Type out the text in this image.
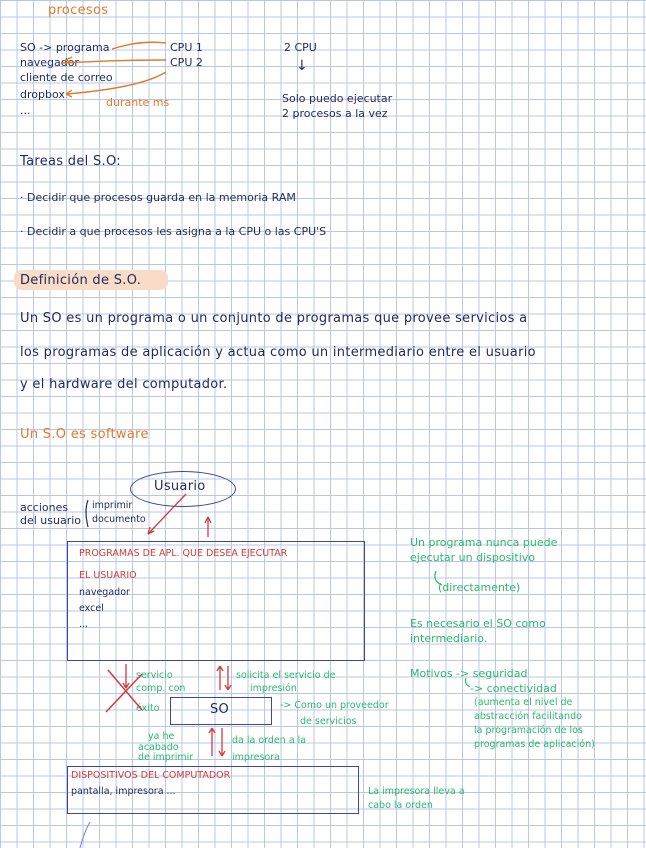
procesos
SO -> programa
navegador
cliente de correo
dropbox
...
CPU 1
CPU 2
durante ms
2 CPU
↓
Solo puedo ejecutar
2 procesos a la vez
Tareas del S.O:
· Decidir que procesos guarda en la memoria RAM
· Decidir a que procesos les asigna a la CPU o las CPU'S
Definición de S.O.
Un SO es un programa o un conjunto de programas que provee servicios a
los programas de aplicación y actua como un intermediario entre el usuario
y el hardware del computador.
Un S.O es software
Usuario
acciones
del usuario
imprimir
documento
PROGRAMAS DE APL. QUE DESEA EJECUTAR
EL USUARIO
navegador
excel
...
servicio
comp. con
éxito
solicita el servicio de
impresión
SO	-> Como un proveedor
de servicios
ya he
acabado
de imprimir
da la orden a la
impresora
DISPOSITIVOS DEL COMPUTADOR
pantalla, impresora ...	La impresora lleva a
cabo la orden
Un programa nunca puede
ejecutar un dispositivo
(directamente)
Es necesario el SO como
intermediario.
Motivos -> seguridad
-> conectividad
(aumenta el nivel de
abstracción facilitando
la programación de los
programas de aplicación)
